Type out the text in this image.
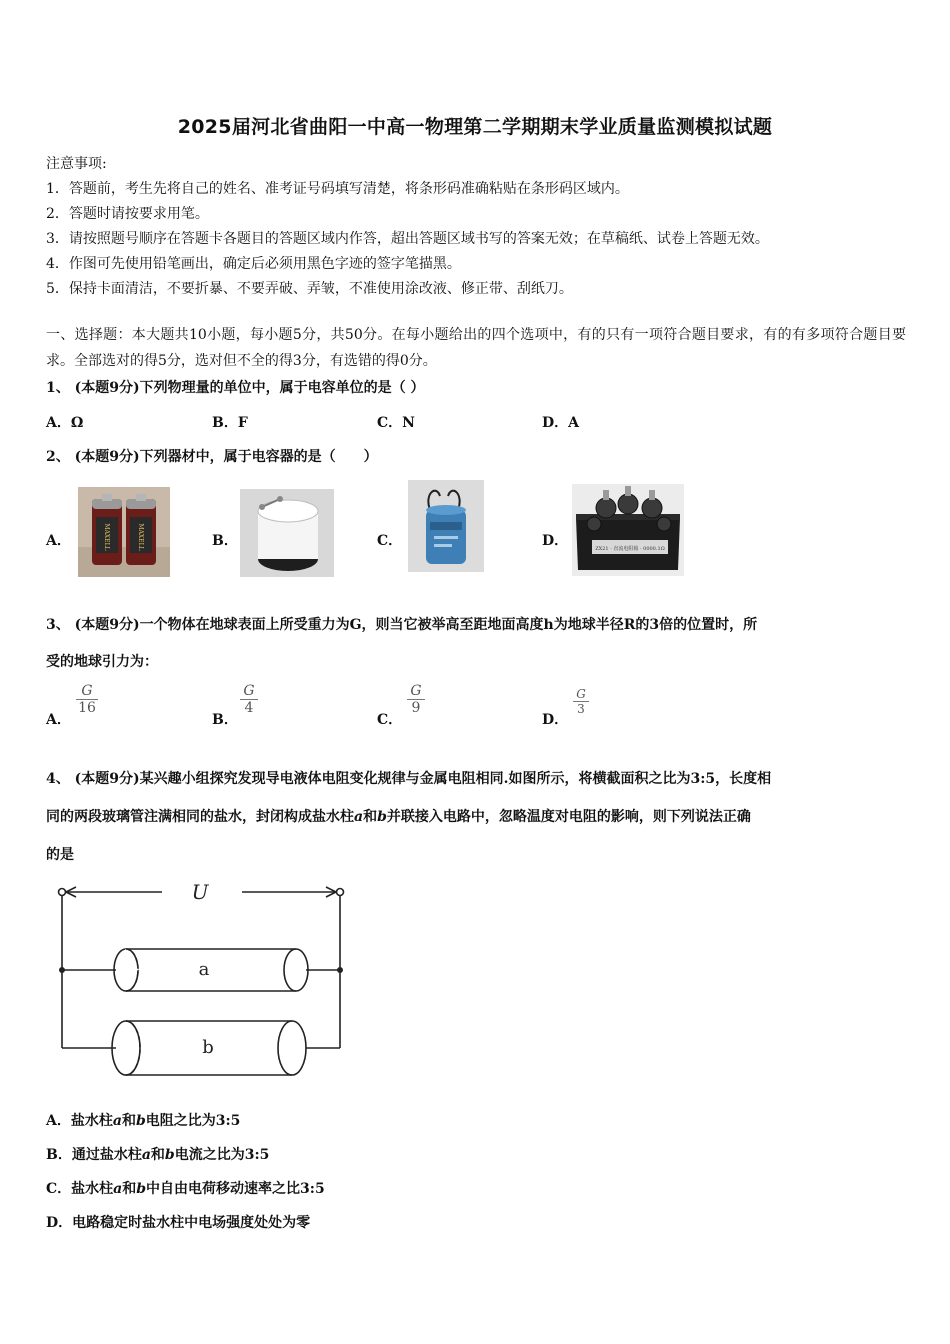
2025届河北省曲阳一中高一物理第二学期期末学业质量监测模拟试题
注意事项:
1．答题前，考生先将自己的姓名、准考证号码填写清楚，将条形码准确粘贴在条形码区域内。
2．答题时请按要求用笔。
3．请按照题号顺序在答题卡各题目的答题区域内作答，超出答题区域书写的答案无效；在草稿纸、试卷上答题无效。
4．作图可先使用铅笔画出，确定后必须用黑色字迹的签字笔描黑。
5．保持卡面清洁，不要折暴、不要弄破、弄皱，不准使用涂改液、修正带、刮纸刀。
一、选择题：本大题共10小题，每小题5分，共50分。在每小题给出的四个选项中，有的只有一项符合题目要求，有的有多项符合题目要求。全部选对的得5分，选对但不全的得3分，有选错的得0分。
1、 (本题9分)下列物理量的单位中，属于电容单位的是（ ）
A．Ω	B．F	C．N	D．A
2、 (本题9分)下列器材中，属于电容器的是（　　）
A．	B．	C．	D．
MAXELL	MAXELL	ZX21 · 直流电阻箱 · 0000.1Ω
3、 (本题9分)一个物体在地球表面上所受重力为G，则当它被举高至距地面高度h为地球半径R的3倍的位置时，所
受的地球引力为：
A．
$\frac{G}{16}$
B．
$\frac{G}{4}$
C．
$\frac{G}{9}$
D．
$\frac{G}{3}$
4、 (本题9分)某兴趣小组探究发现导电液体电阻变化规律与金属电阻相同.如图所示，将横截面积之比为3:5，长度相
同的两段玻璃管注满相同的盐水，封闭构成盐水柱a和b并联接入电路中，忽略温度对电阻的影响，则下列说法正确
的是
U
a
b
A．盐水柱a和b电阻之比为3:5
B．通过盐水柱a和b电流之比为3:5
C．盐水柱a和b中自由电荷移动速率之比3:5
D．电路稳定时盐水柱中电场强度处处为零
